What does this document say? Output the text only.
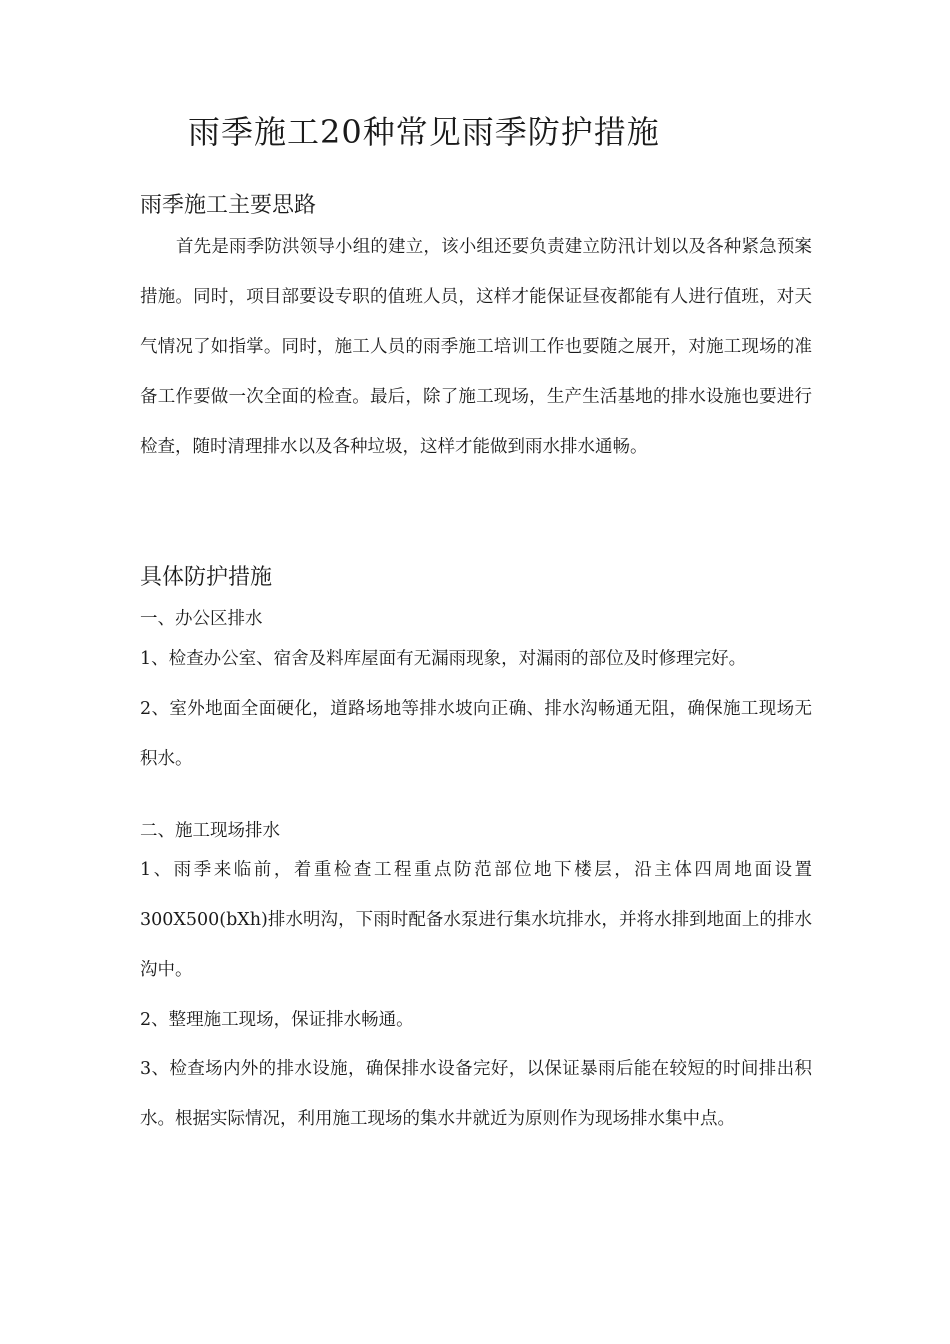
雨季施工20种常见雨季防护措施
雨季施工主要思路

首先是雨季防洪领导小组的建立，该小组还要负责建立防汛计划以及各种紧急预案措施。同时，项目部要设专职的值班人员，这样才能保证昼夜都能有人进行值班，对天气情况了如指掌。同时，施工人员的雨季施工培训工作也要随之展开，对施工现场的准备工作要做一次全面的检查。最后，除了施工现场，生产生活基地的排水设施也要进行检查，随时清理排水以及各种垃圾，这样才能做到雨水排水通畅。

具体防护措施

一、办公区排水

1、检查办公室、宿舍及料库屋面有无漏雨现象，对漏雨的部位及时修理完好。

2、室外地面全面硬化，道路场地等排水坡向正确、排水沟畅通无阻，确保施工现场无积水。

二、施工现场排水

1、雨季来临前，着重检查工程重点防范部位地下楼层，沿主体四周地面设置300X500(bXh)排水明沟，下雨时配备水泵进行集水坑排水，并将水排到地面上的排水沟中。

2、整理施工现场，保证排水畅通。

3、检查场内外的排水设施，确保排水设备完好，以保证暴雨后能在较短的时间排出积水。根据实际情况，利用施工现场的集水井就近为原则作为现场排水集中点。
